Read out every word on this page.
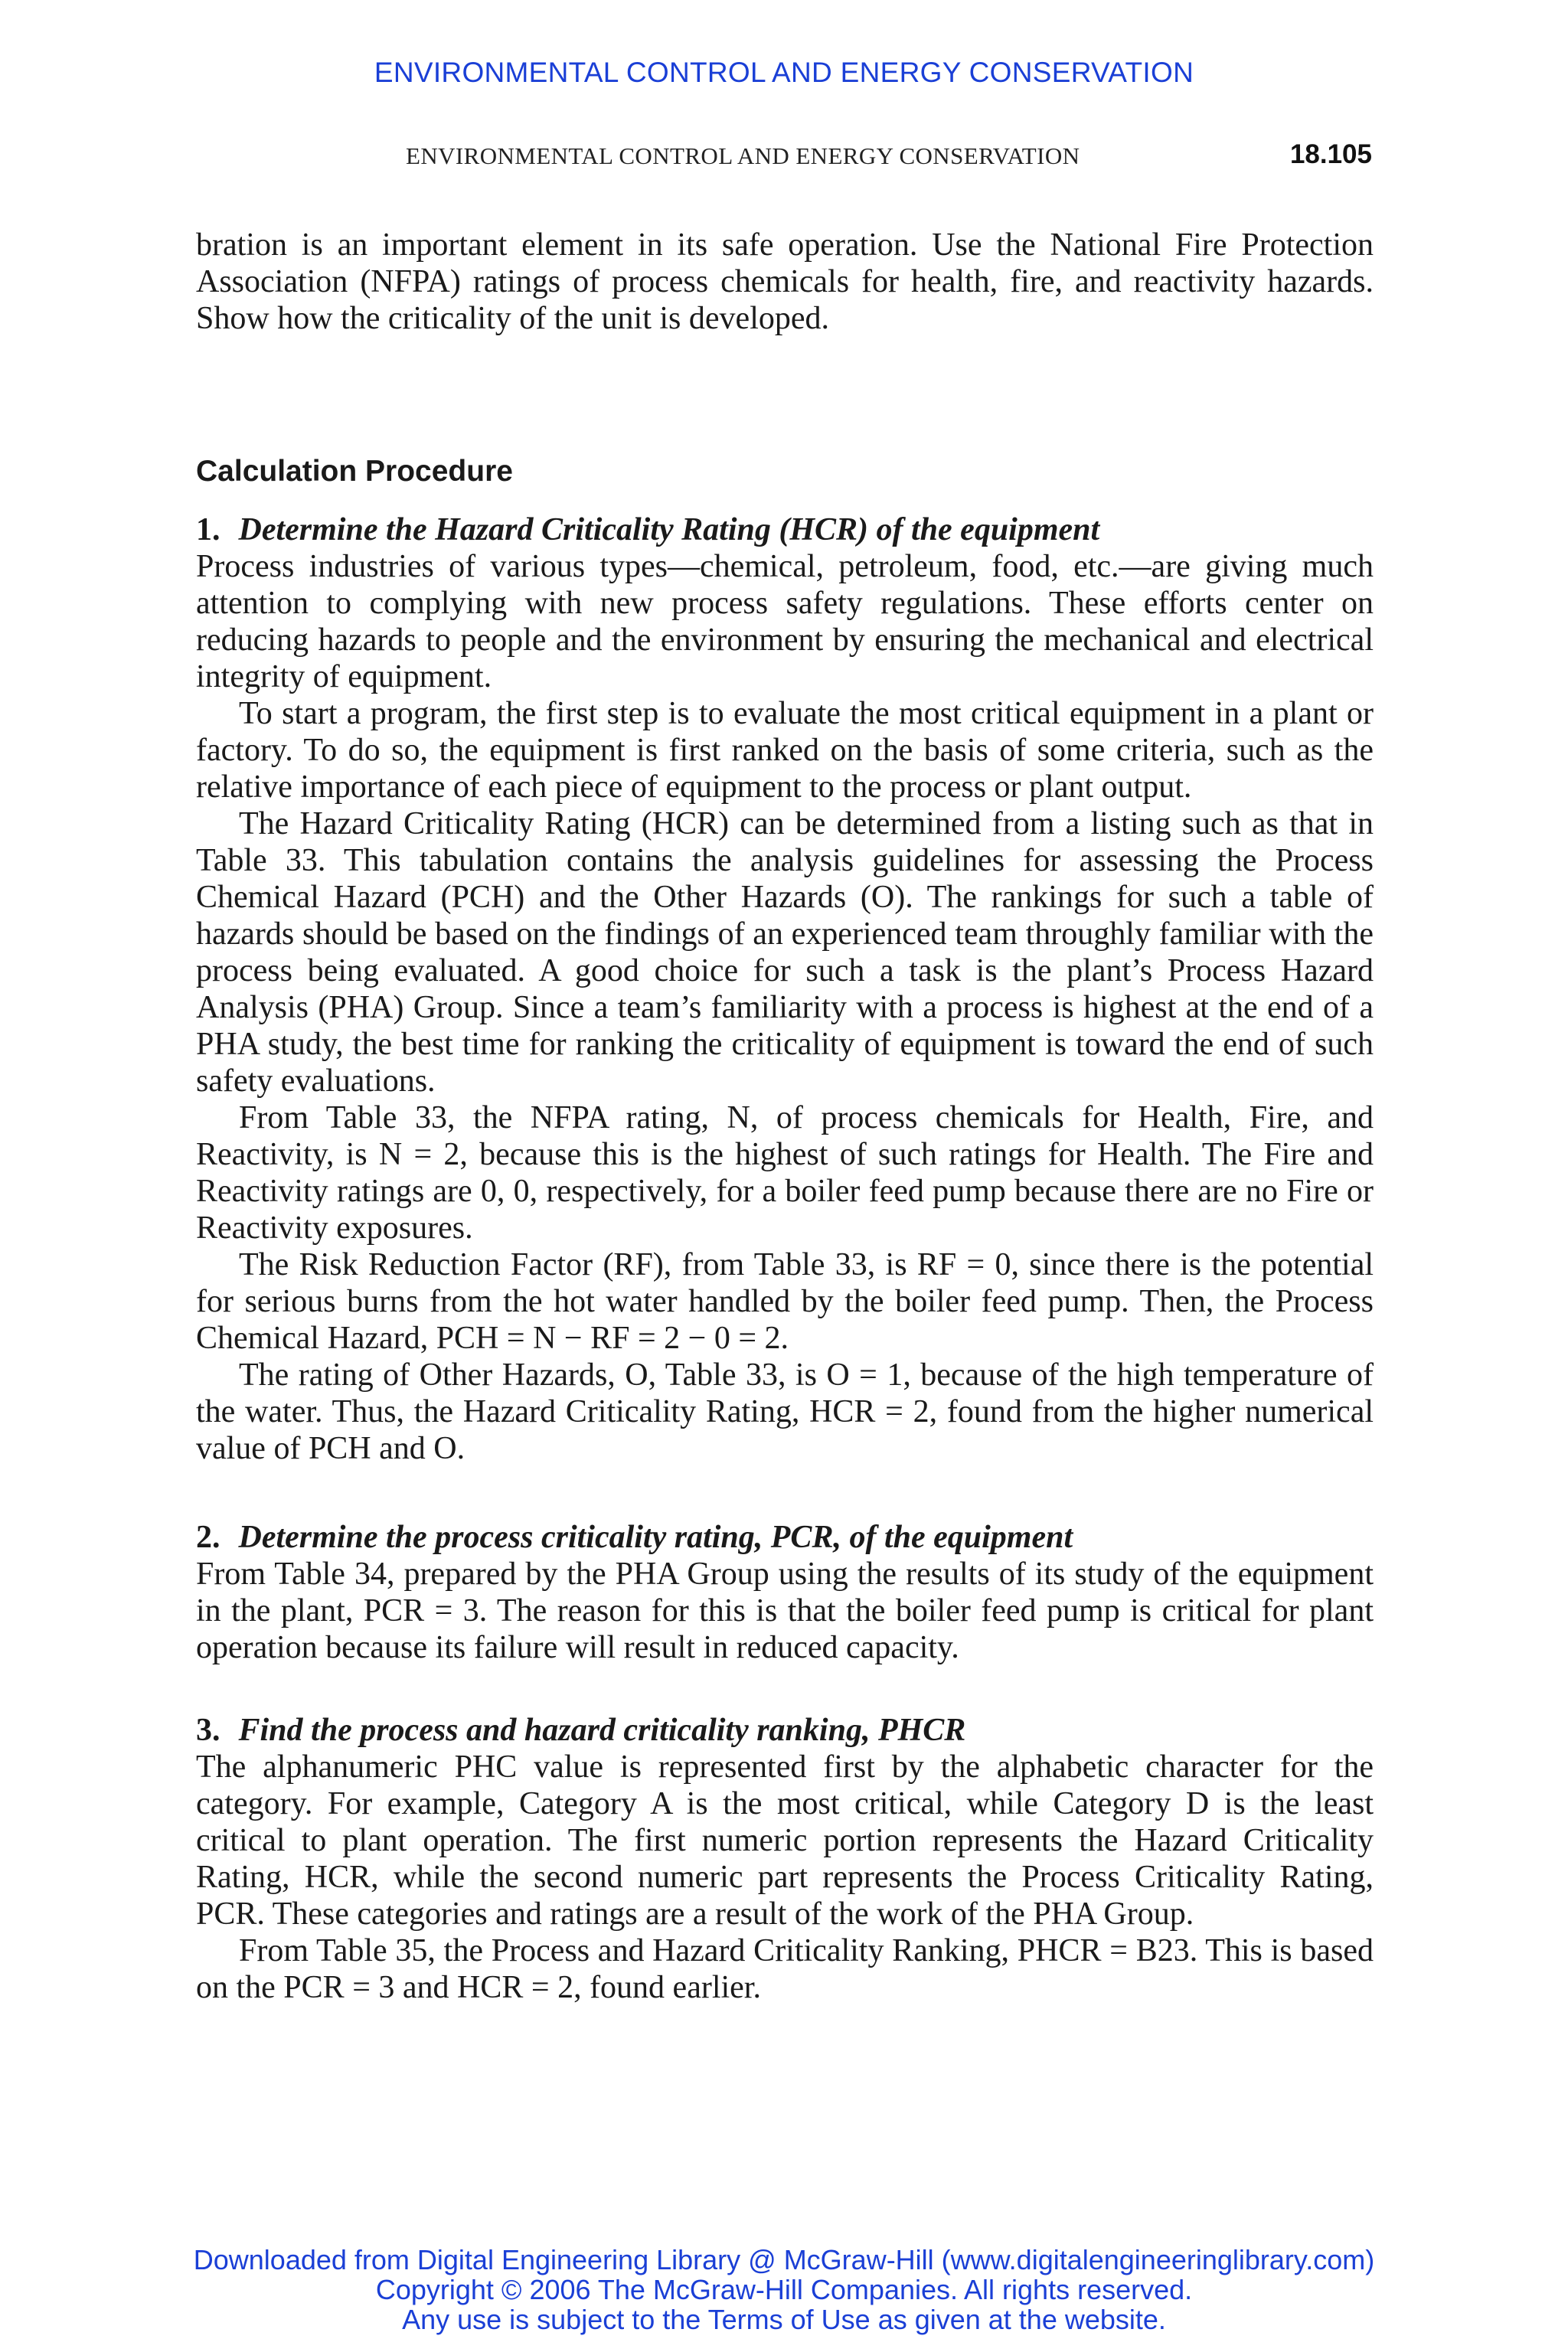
ENVIRONMENTAL CONTROL AND ENERGY CONSERVATION
ENVIRONMENTAL CONTROL AND ENERGY CONSERVATION	18.105

bration is an important element in its safe operation. Use the National Fire Protection Association (NFPA) ratings of process chemicals for health, fire, and reactivity hazards. Show how the criticality of the unit is developed.

Calculation Procedure

1. Determine the Hazard Criticality Rating (HCR) of the equipment

Process industries of various types—chemical, petroleum, food, etc.—are giving much attention to complying with new process safety regulations. These efforts center on reducing hazards to people and the environment by ensuring the mechanical and electrical integrity of equipment.

To start a program, the first step is to evaluate the most critical equipment in a plant or factory. To do so, the equipment is first ranked on the basis of some criteria, such as the relative importance of each piece of equipment to the process or plant output.

The Hazard Criticality Rating (HCR) can be determined from a listing such as that in Table 33. This tabulation contains the analysis guidelines for assessing the Process Chemical Hazard (PCH) and the Other Hazards (O). The rankings for such a table of hazards should be based on the findings of an experienced team throughly familiar with the process being evaluated. A good choice for such a task is the plant’s Process Hazard Analysis (PHA) Group. Since a team’s familiarity with a process is highest at the end of a PHA study, the best time for ranking the criticality of equipment is toward the end of such safety evaluations.

From Table 33, the NFPA rating, N, of process chemicals for Health, Fire, and Reactivity, is N = 2, because this is the highest of such ratings for Health. The Fire and Reactivity ratings are 0, 0, respectively, for a boiler feed pump because there are no Fire or Reactivity exposures.

The Risk Reduction Factor (RF), from Table 33, is RF = 0, since there is the potential for serious burns from the hot water handled by the boiler feed pump. Then, the Process Chemical Hazard, PCH = N − RF = 2 − 0 = 2.

The rating of Other Hazards, O, Table 33, is O = 1, because of the high temperature of the water. Thus, the Hazard Criticality Rating, HCR = 2, found from the higher numerical value of PCH and O.

2. Determine the process criticality rating, PCR, of the equipment

From Table 34, prepared by the PHA Group using the results of its study of the equipment in the plant, PCR = 3. The reason for this is that the boiler feed pump is critical for plant operation because its failure will result in reduced capacity.

3. Find the process and hazard criticality ranking, PHCR

The alphanumeric PHC value is represented first by the alphabetic character for the category. For example, Category A is the most critical, while Category D is the least critical to plant operation. The first numeric portion represents the Hazard Criticality Rating, HCR, while the second numeric part represents the Process Criticality Rating, PCR. These categories and ratings are a result of the work of the PHA Group.

From Table 35, the Process and Hazard Criticality Ranking, PHCR = B23. This is based on the PCR = 3 and HCR = 2, found earlier.

Downloaded from Digital Engineering Library @ McGraw-Hill (www.digitalengineeringlibrary.com)
Copyright © 2006 The McGraw-Hill Companies. All rights reserved.
Any use is subject to the Terms of Use as given at the website.
